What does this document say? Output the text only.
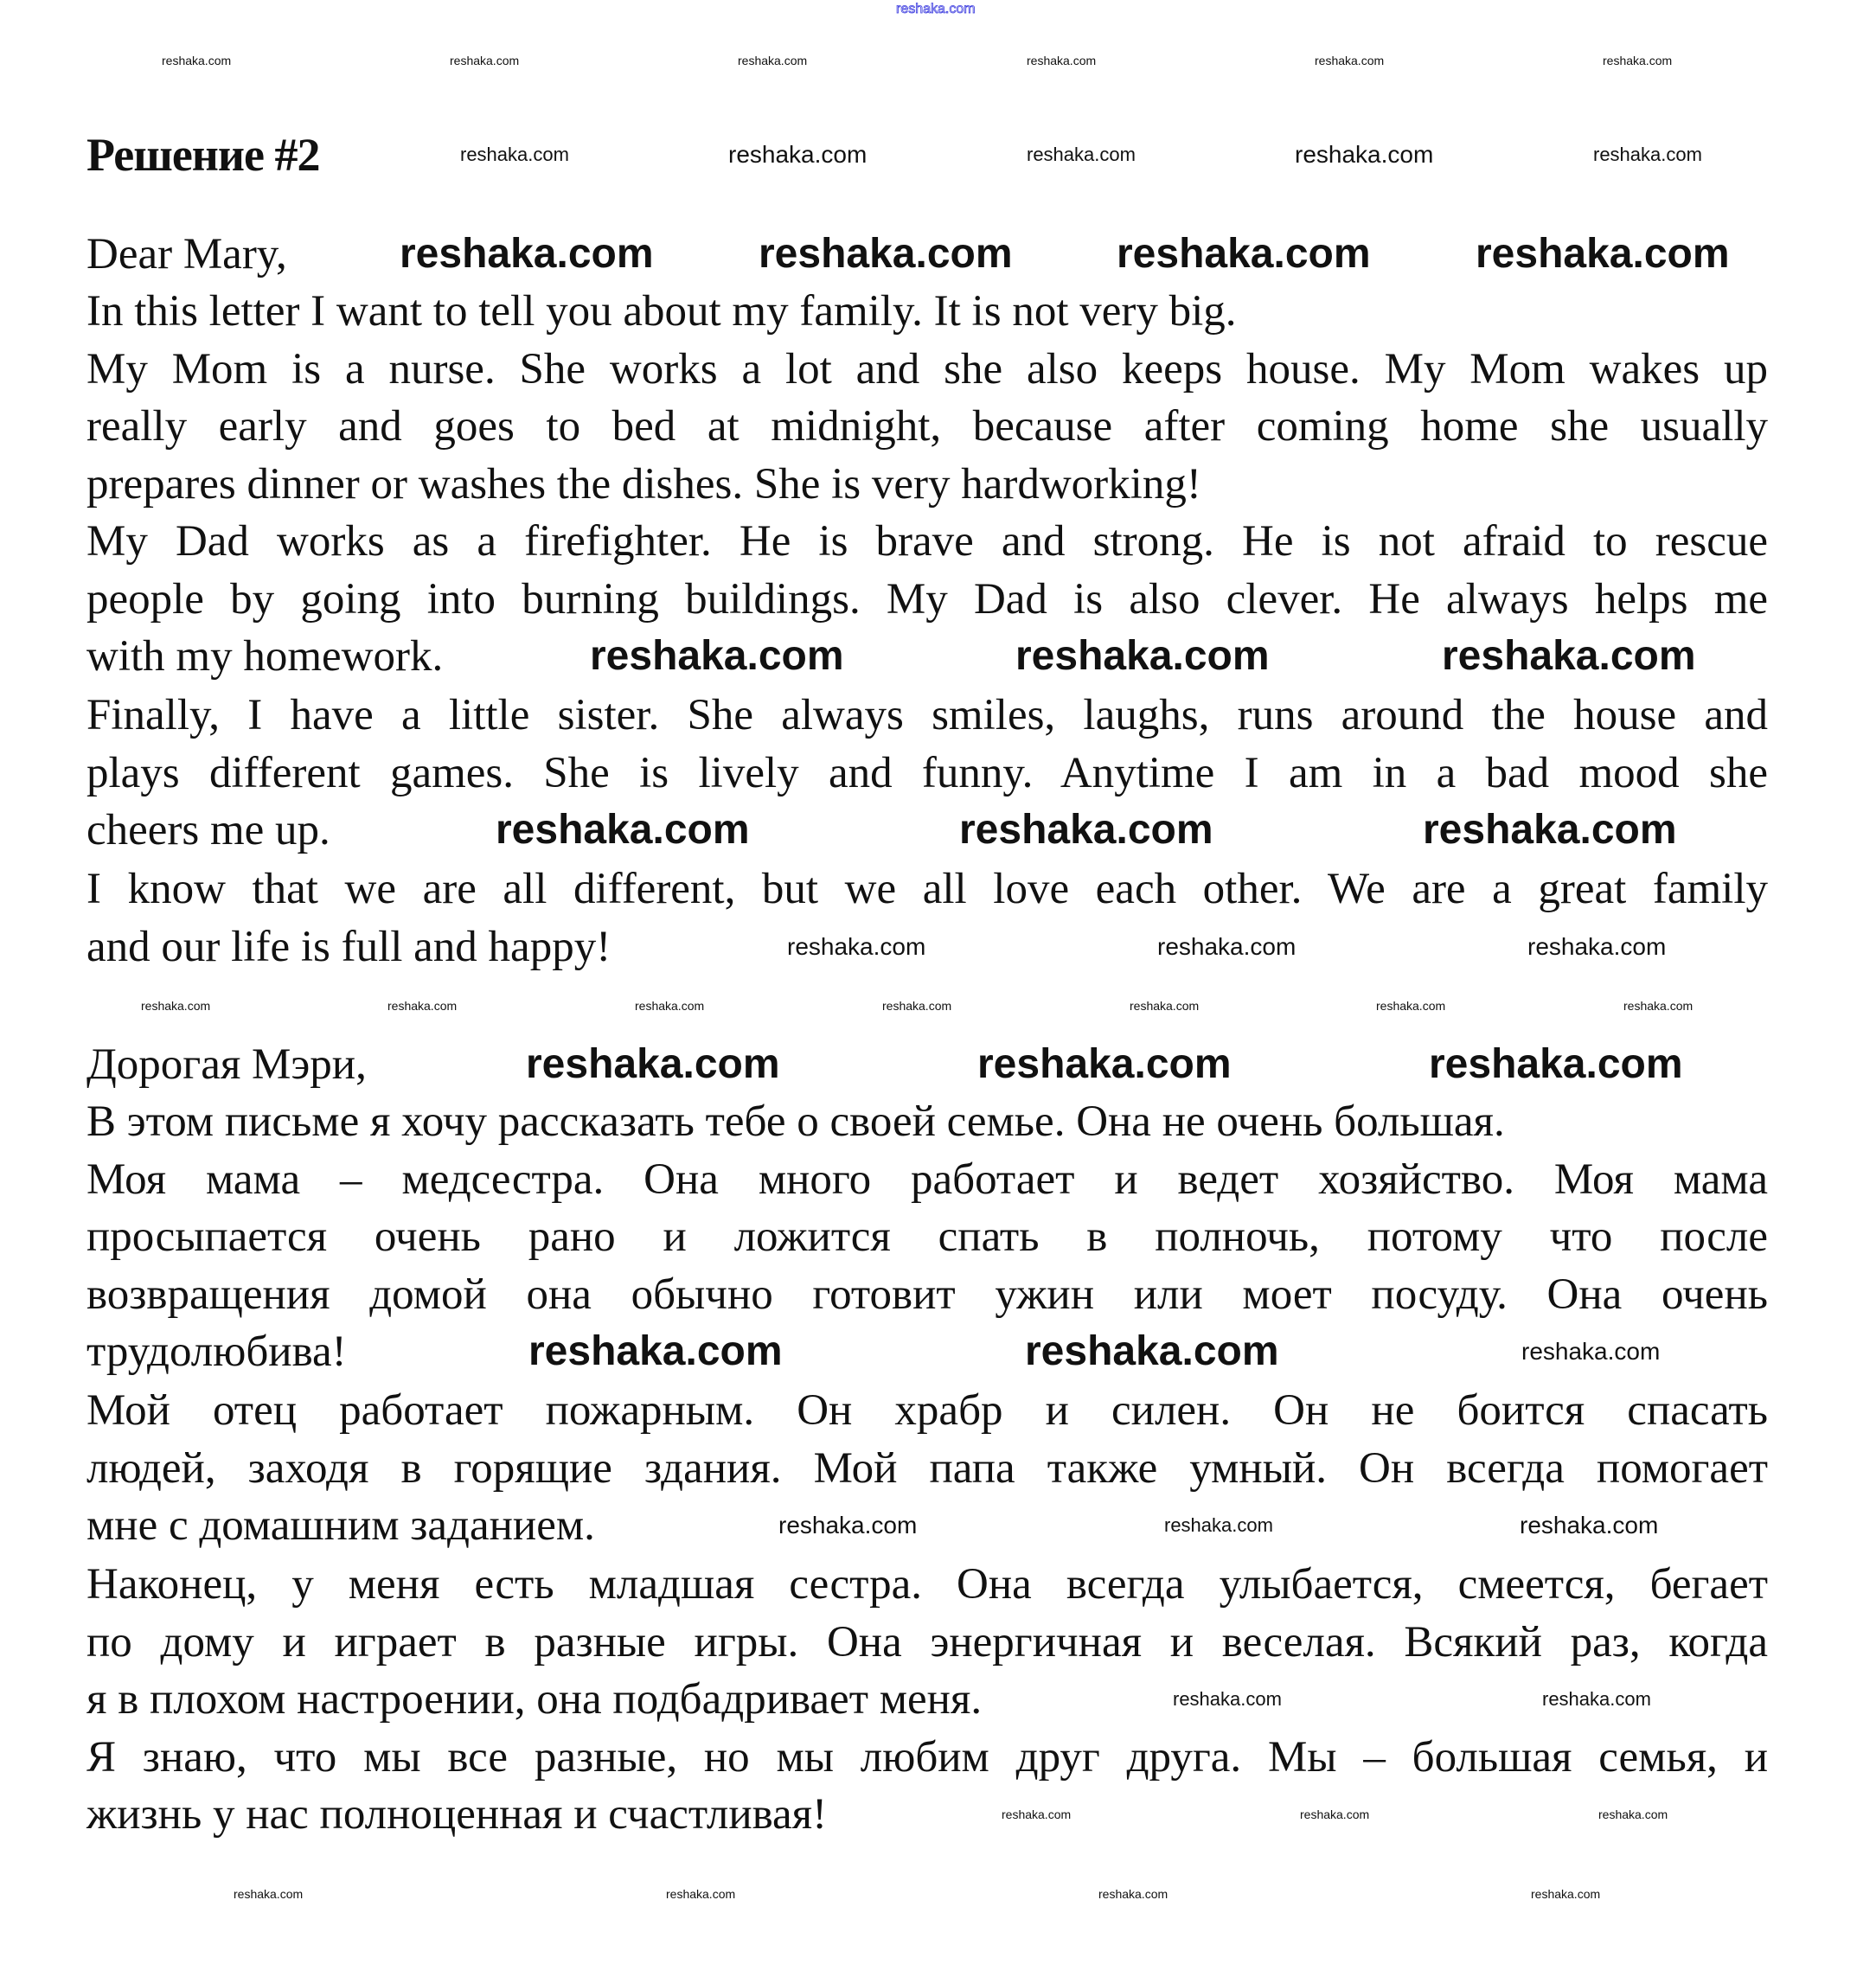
reshaka.com
Решение #2
Dear Mary,
In this letter I want to tell you about my family. It is not very big.
My Mom is a nurse. She works a lot and she also keeps house. My Mom wakes up
really early and goes to bed at midnight, because after coming home she usually
prepares dinner or washes the dishes. She is very hardworking!
My Dad works as a firefighter. He is brave and strong. He is not afraid to rescue
people by going into burning buildings. My Dad is also clever. He always helps me
with my homework.
Finally, I have a little sister. She always smiles, laughs, runs around the house and
plays different games. She is lively and funny. Anytime I am in a bad mood she
cheers me up.
I know that we are all different, but we all love each other. We are a great family
and our life is full and happy!
Дорогая Мэри,
В этом письме я хочу рассказать тебе о своей семье. Она не очень большая.
Моя мама – медсестра. Она много работает и ведет хозяйство. Моя мама
просыпается очень рано и ложится спать в полночь, потому что после
возвращения домой она обычно готовит ужин или моет посуду. Она очень
трудолюбива!
Мой отец работает пожарным. Он храбр и силен. Он не боится спасать
людей, заходя в горящие здания. Мой папа также умный. Он всегда помогает
мне с домашним заданием.
Наконец, у меня есть младшая сестра. Она всегда улыбается, смеется, бегает
по дому и играет в разные игры. Она энергичная и веселая. Всякий раз, когда
я в плохом настроении, она подбадривает меня.
Я знаю, что мы все разные, но мы любим друг друга. Мы – большая семья, и
жизнь у нас полноценная и счастливая!
reshaka.com	reshaka.com	reshaka.com	reshaka.com	reshaka.com
reshaka.com	reshaka.com	reshaka.com	reshaka.com
reshaka.com	reshaka.com	reshaka.com
reshaka.com	reshaka.com	reshaka.com
reshaka.com	reshaka.com	reshaka.com
reshaka.com	reshaka.com	reshaka.com
reshaka.com	reshaka.com	reshaka.com
reshaka.com	reshaka.com	reshaka.com
reshaka.com	reshaka.com
reshaka.com	reshaka.com	reshaka.com
reshaka.com	reshaka.com	reshaka.com	reshaka.com	reshaka.com	reshaka.com
reshaka.com	reshaka.com	reshaka.com	reshaka.com	reshaka.com	reshaka.com	reshaka.com
reshaka.com	reshaka.com	reshaka.com	reshaka.com
